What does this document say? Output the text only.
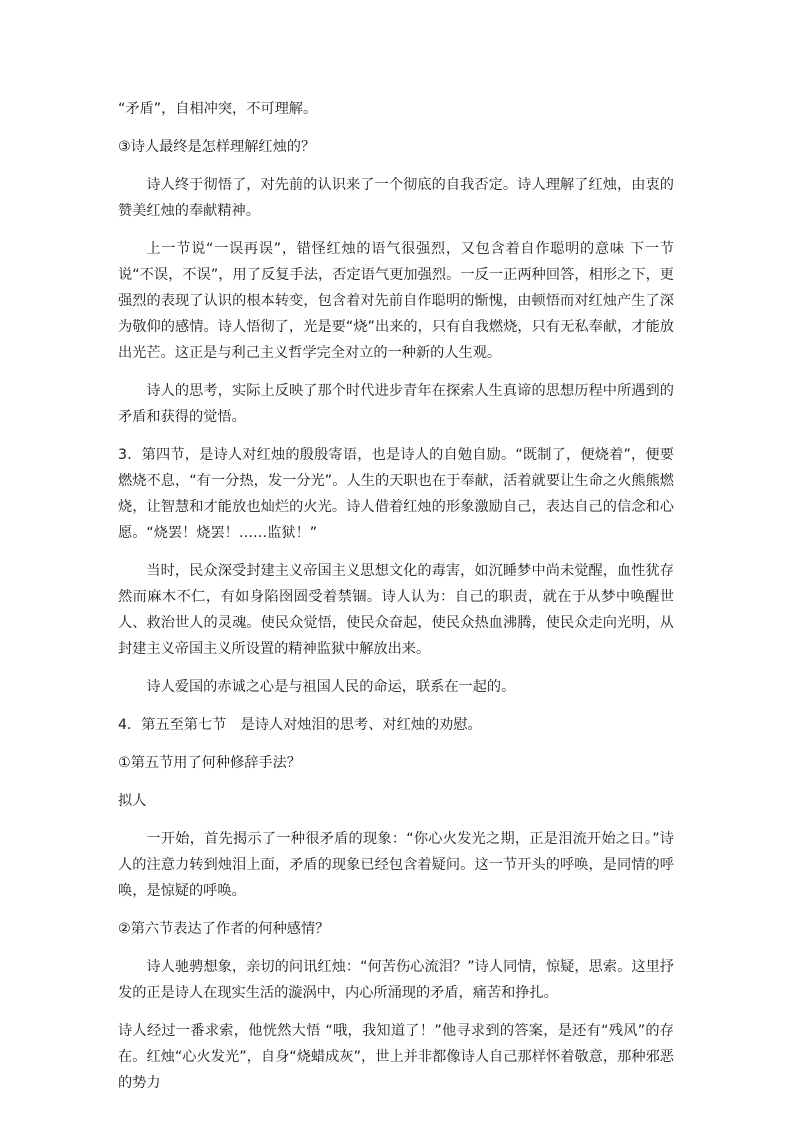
“矛盾”，自相冲突，不可理解。

③诗人最终是怎样理解红烛的？

诗人终于彻悟了，对先前的认识来了一个彻底的自我否定。诗人理解了红烛，由衷的赞美红烛的奉献精神。

上一节说“一误再误”，错怪红烛的语气很强烈，又包含着自作聪明的意味 下一节说“不误，不误”，用了反复手法，否定语气更加强烈。一反一正两种回答，相形之下，更强烈的表现了认识的根本转变，包含着对先前自作聪明的惭愧，由顿悟而对红烛产生了深为敬仰的感情。诗人悟彻了，光是要“烧”出来的，只有自我燃烧，只有无私奉献，才能放出光芒。这正是与利己主义哲学完全对立的一种新的人生观。

诗人的思考，实际上反映了那个时代进步青年在探索人生真谛的思想历程中所遇到的矛盾和获得的觉悟。

3．第四节，是诗人对红烛的殷殷寄语，也是诗人的自勉自励。“既制了，便烧着”，便要燃烧不息，“有一分热，发一分光”。人生的天职也在于奉献，活着就要让生命之火熊熊燃烧，让智慧和才能放也灿烂的火光。诗人借着红烛的形象激励自己，表达自己的信念和心愿。“烧罢！烧罢！……监狱！”

当时，民众深受封建主义帝国主义思想文化的毒害，如沉睡梦中尚未觉醒，血性犹存然而麻木不仁，有如身陷囹圄受着禁锢。诗人认为：自己的职责，就在于从梦中唤醒世人、救治世人的灵魂。使民众觉悟，使民众奋起，使民众热血沸腾，使民众走向光明，从封建主义帝国主义所设置的精神监狱中解放出来。

诗人爱国的赤诚之心是与祖国人民的命运，联系在一起的。

4．第五至第七节　是诗人对烛泪的思考、对红烛的劝慰。

①第五节用了何种修辞手法？

拟人

一开始，首先揭示了一种很矛盾的现象：“你心火发光之期，正是泪流开始之日。”诗人的注意力转到烛泪上面，矛盾的现象已经包含着疑问。这一节开头的呼唤，是同情的呼唤，是惊疑的呼唤。

②第六节表达了作者的何种感情？

诗人驰骋想象，亲切的问讯红烛：“何苦伤心流泪？”诗人同情，惊疑，思索。这里抒发的正是诗人在现实生活的漩涡中，内心所涌现的矛盾，痛苦和挣扎。

诗人经过一番求索，他恍然大悟 “哦，我知道了！”他寻求到的答案，是还有“残风”的存在。红烛“心火发光”，自身“烧蜡成灰”，世上并非都像诗人自己那样怀着敬意，那种邪恶的势力
